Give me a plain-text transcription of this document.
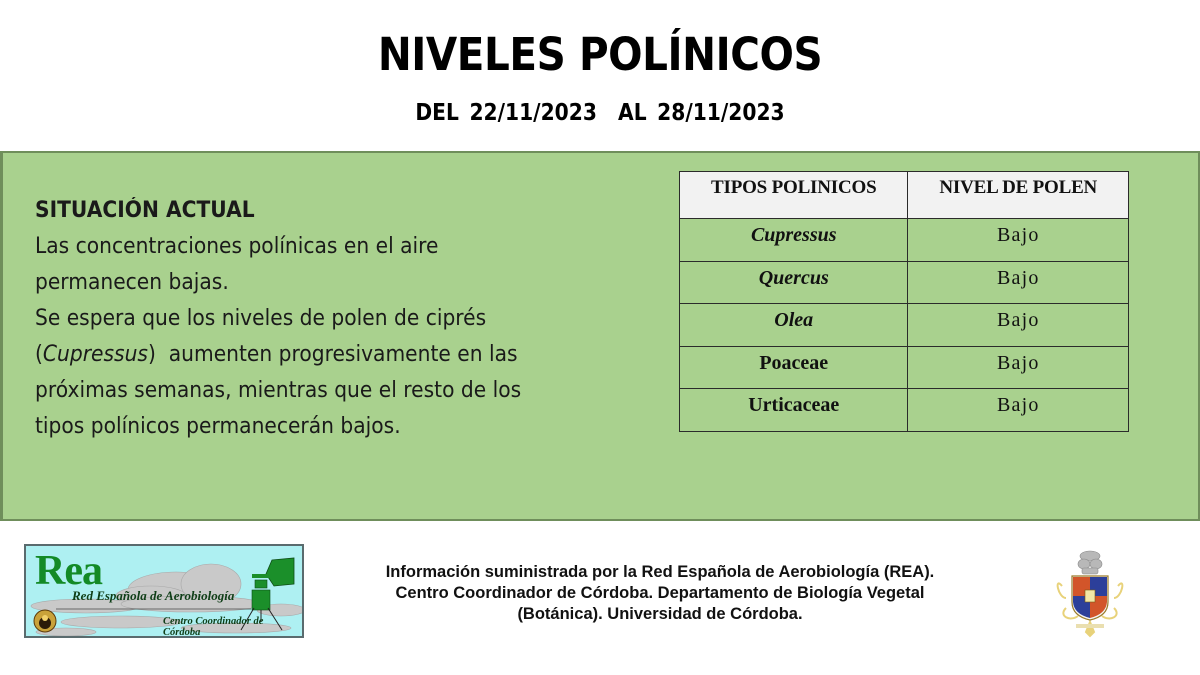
NIVELES POLÍNICOS
DEL 22/11/2023  AL 28/11/2023
SITUACIÓN ACTUAL
Las concentraciones polínicas en el aire
permanecen bajas.
Se espera que los niveles de polen de ciprés
(Cupressus) aumenten progresivamente en las
próximas semanas, mientras que el resto de los
tipos polínicos permanecerán bajos.
TIPOS POLINICOS	NIVEL DE POLEN
Cupressus	Bajo
Quercus	Bajo
Olea	Bajo
Poaceae	Bajo
Urticaceae	Bajo
Rea
Red Española de Aerobiología
Centro Coordinador de Córdoba
Información suministrada por la Red Española de Aerobiología (REA).
Centro Coordinador de Córdoba. Departamento de Biología Vegetal
(Botánica). Universidad de Córdoba.
